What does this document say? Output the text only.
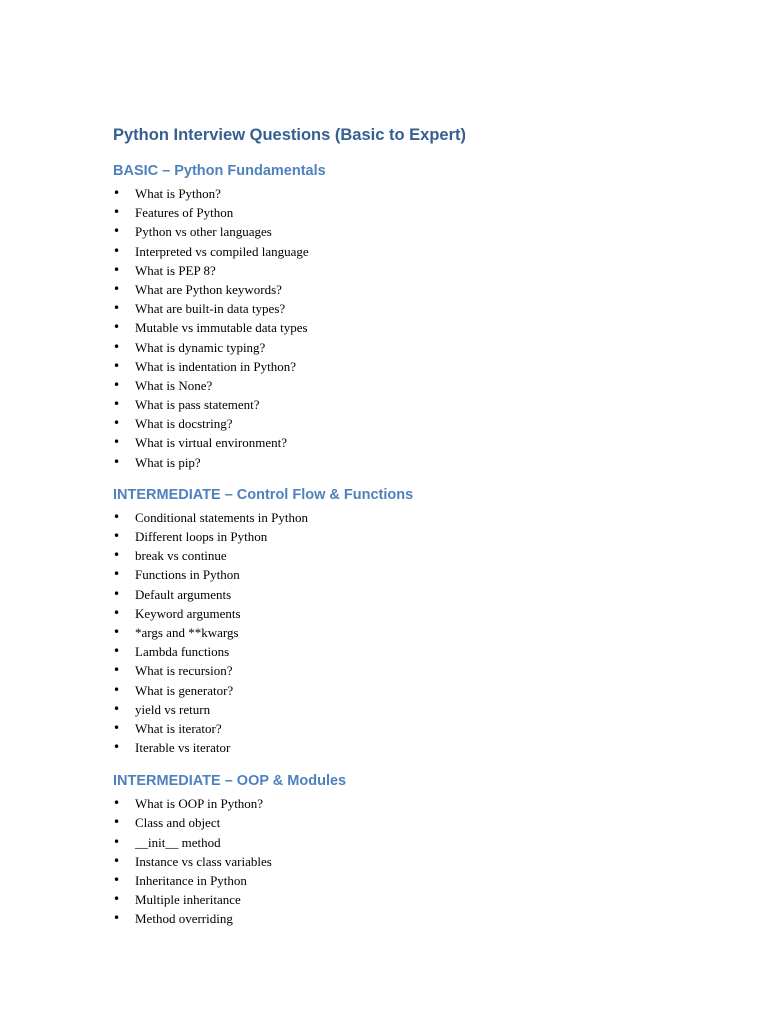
Python Interview Questions (Basic to Expert)
BASIC – Python Fundamentals
• What is Python?
• Features of Python
• Python vs other languages
• Interpreted vs compiled language
• What is PEP 8?
• What are Python keywords?
• What are built-in data types?
• Mutable vs immutable data types
• What is dynamic typing?
• What is indentation in Python?
• What is None?
• What is pass statement?
• What is docstring?
• What is virtual environment?
• What is pip?
INTERMEDIATE – Control Flow & Functions
• Conditional statements in Python
• Different loops in Python
• break vs continue
• Functions in Python
• Default arguments
• Keyword arguments
• *args and **kwargs
• Lambda functions
• What is recursion?
• What is generator?
• yield vs return
• What is iterator?
• Iterable vs iterator
INTERMEDIATE – OOP & Modules
• What is OOP in Python?
• Class and object
• __init__ method
• Instance vs class variables
• Inheritance in Python
• Multiple inheritance
• Method overriding
